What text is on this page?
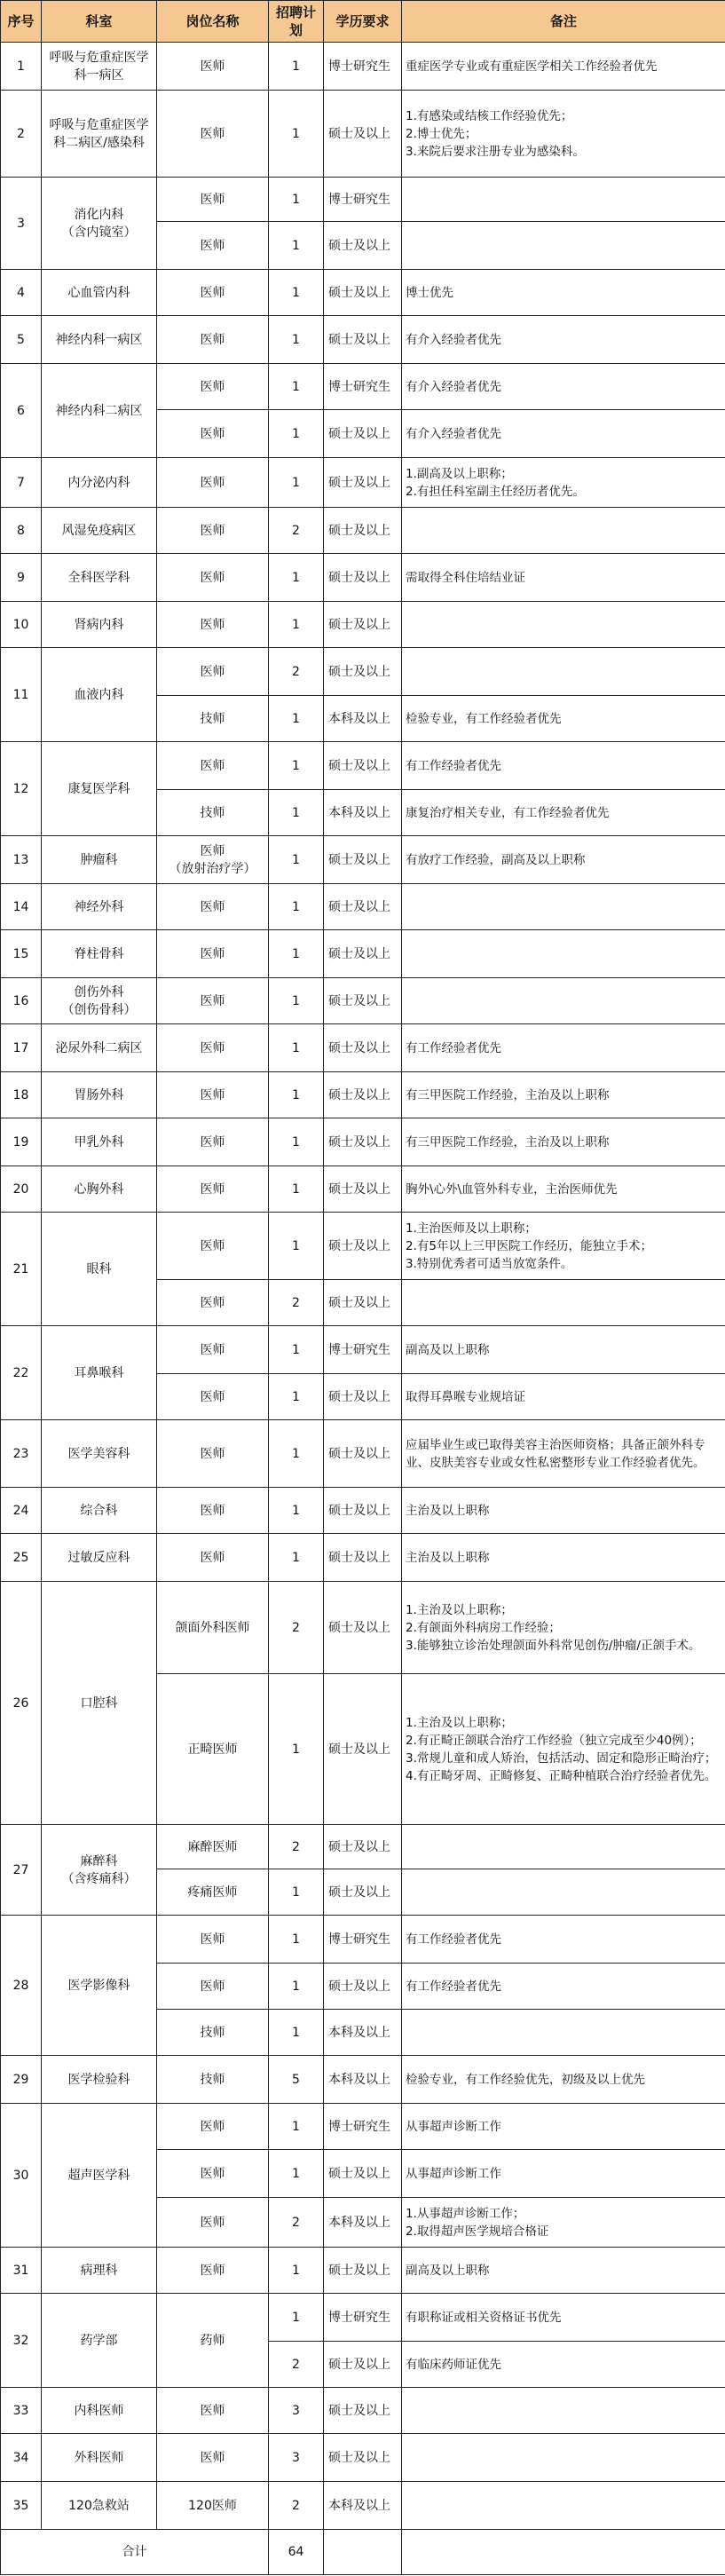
序号	科室	岗位名称	招聘计划	学历要求	备注
1	呼吸与危重症医学科一病区	医师	1	博士研究生	重症医学专业或有重症医学相关工作经验者优先
2	呼吸与危重症医学科二病区/感染科	医师	1	硕士及以上	1.有感染或结核工作经验优先；
2.博士优先；
3.来院后要求注册专业为感染科。
3	消化内科
（含内镜室）	医师	1	博士研究生	
		医师	1	硕士及以上	
4	心血管内科	医师	1	硕士及以上	博士优先
5	神经内科一病区	医师	1	硕士及以上	有介入经验者优先
6	神经内科二病区	医师	1	博士研究生	有介入经验者优先
		医师	1	硕士及以上	有介入经验者优先
7	内分泌内科	医师	1	硕士及以上	1.副高及以上职称；
2.有担任科室副主任经历者优先。
8	风湿免疫病区	医师	2	硕士及以上	
9	全科医学科	医师	1	硕士及以上	需取得全科住培结业证
10	肾病内科	医师	1	硕士及以上	
11	血液内科	医师	2	硕士及以上	
		技师	1	本科及以上	检验专业，有工作经验者优先
12	康复医学科	医师	1	硕士及以上	有工作经验者优先
		技师	1	本科及以上	康复治疗相关专业，有工作经验者优先
13	肿瘤科	医师
（放射治疗学）	1	硕士及以上	有放疗工作经验，副高及以上职称
14	神经外科	医师	1	硕士及以上	
15	脊柱骨科	医师	1	硕士及以上	
16	创伤外科
（创伤骨科）	医师	1	硕士及以上	
17	泌尿外科二病区	医师	1	硕士及以上	有工作经验者优先
18	胃肠外科	医师	1	硕士及以上	有三甲医院工作经验，主治及以上职称
19	甲乳外科	医师	1	硕士及以上	有三甲医院工作经验，主治及以上职称
20	心胸外科	医师	1	硕士及以上	胸外\心外\血管外科专业，主治医师优先
21	眼科	医师	1	硕士及以上	1.主治医师及以上职称；
2.有5年以上三甲医院工作经历，能独立手术；
3.特别优秀者可适当放宽条件。
		医师	2	硕士及以上	
22	耳鼻喉科	医师	1	博士研究生	副高及以上职称
		医师	1	硕士及以上	取得耳鼻喉专业规培证
23	医学美容科	医师	1	硕士及以上	应届毕业生或已取得美容主治医师资格；具备正颌外科专业、皮肤美容专业或女性私密整形专业工作经验者优先。
24	综合科	医师	1	硕士及以上	主治及以上职称
25	过敏反应科	医师	1	硕士及以上	主治及以上职称
26	口腔科	颌面外科医师	2	硕士及以上	1.主治及以上职称；
2.有颌面外科病房工作经验；
3.能够独立诊治处理颌面外科常见创伤/肿瘤/正颌手术。
		正畸医师	1	硕士及以上	1.主治及以上职称；
2.有正畸正颌联合治疗工作经验（独立完成至少40例）；
3.常规儿童和成人矫治，包括活动、固定和隐形正畸治疗；
4.有正畸牙周、正畸修复、正畸种植联合治疗经验者优先。
27	麻醉科
（含疼痛科）	麻醉医师	2	硕士及以上	
		疼痛医师	1	硕士及以上	
28	医学影像科	医师	1	博士研究生	有工作经验者优先
		医师	1	硕士及以上	有工作经验者优先
		技师	1	本科及以上	
29	医学检验科	技师	5	本科及以上	检验专业，有工作经验优先，初级及以上优先
30	超声医学科	医师	1	博士研究生	从事超声诊断工作
		医师	1	硕士及以上	从事超声诊断工作
		医师	2	本科及以上	1.从事超声诊断工作；
2.取得超声医学规培合格证
31	病理科	医师	1	硕士及以上	副高及以上职称
32	药学部	药师	1	博士研究生	有职称证或相关资格证书优先
			2	硕士及以上	有临床药师证优先
33	内科医师	医师	3	硕士及以上	
34	外科医师	医师	3	硕士及以上	
35	120急救站	120医师	2	本科及以上	
合计			64		
